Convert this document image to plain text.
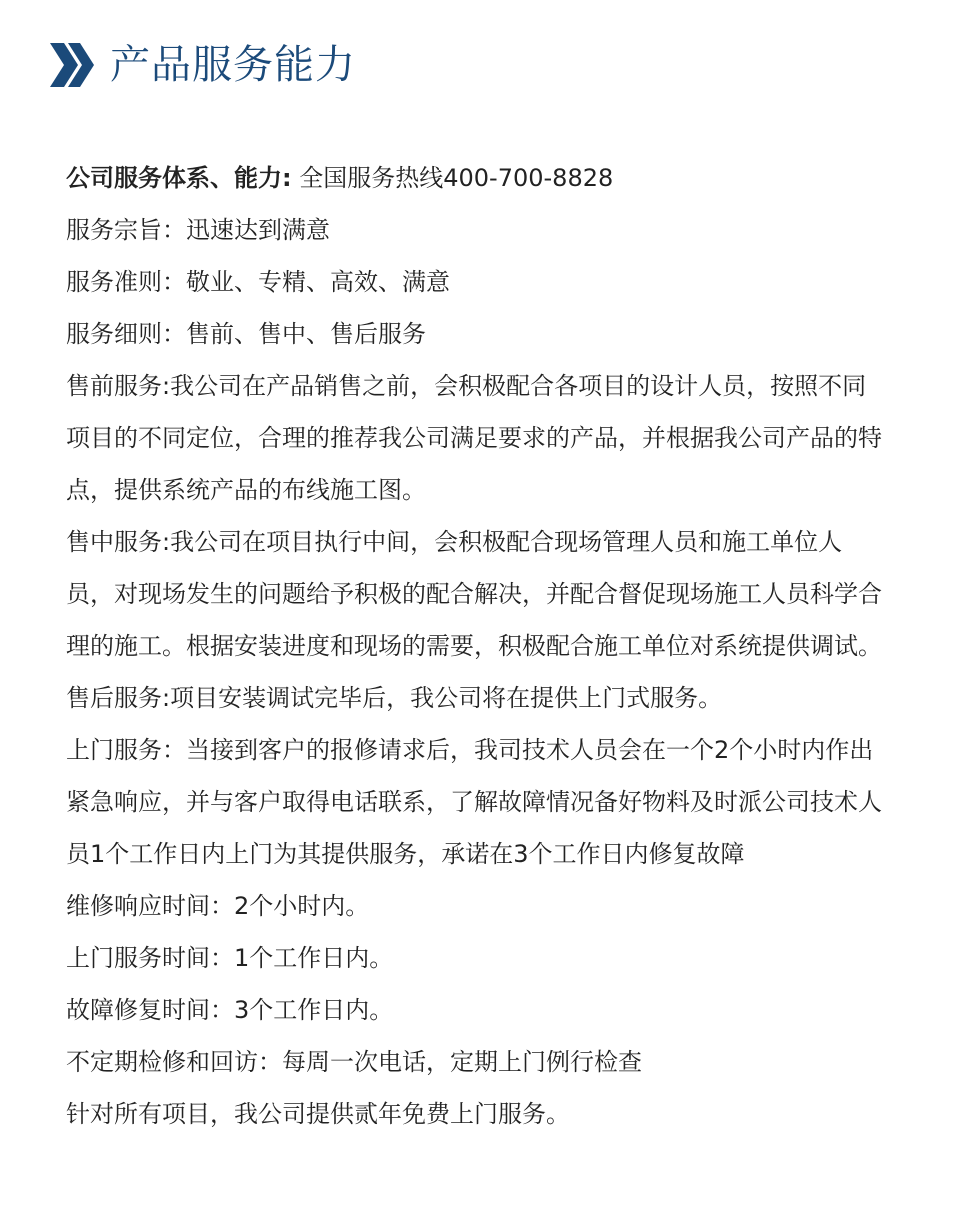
产品服务能力

公司服务体系、能力: 全国服务热线400-700-8828

服务宗旨：迅速达到满意

服务准则：敬业、专精、高效、满意

服务细则：售前、售中、售后服务

售前服务:我公司在产品销售之前，会积极配合各项目的设计人员，按照不同项目的不同定位，合理的推荐我公司满足要求的产品，并根据我公司产品的特点，提供系统产品的布线施工图。

售中服务:我公司在项目执行中间，会积极配合现场管理人员和施工单位人员，对现场发生的问题给予积极的配合解决，并配合督促现场施工人员科学合理的施工。根据安装进度和现场的需要，积极配合施工单位对系统提供调试。

售后服务:项目安装调试完毕后，我公司将在提供上门式服务。

上门服务：当接到客户的报修请求后，我司技术人员会在一个2个小时内作出紧急响应，并与客户取得电话联系，了解故障情况备好物料及时派公司技术人员1个工作日内上门为其提供服务，承诺在3个工作日内修复故障

维修响应时间：2个小时内。

上门服务时间：1个工作日内。

故障修复时间：3个工作日内。

不定期检修和回访：每周一次电话，定期上门例行检查

针对所有项目，我公司提供贰年免费上门服务。
